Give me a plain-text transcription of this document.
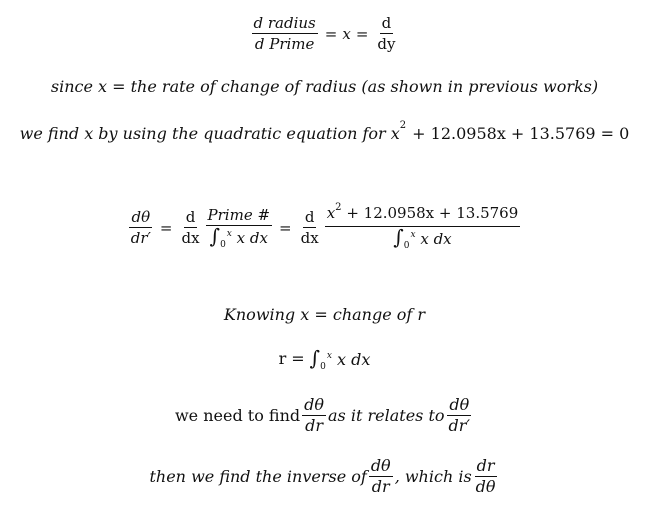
$\frac{\text{d radius}}{\text{d Prime}} = x = \frac{d}{dy}$
since x = the rate of change of radius (as shown in previous works)
we find x by using the quadratic equation for x 2 + 12.0958x + 13.5769 = 0
$\frac{d\theta}{dr'} = \frac{d}{dx} \frac{\text{Prime \#}}{\int_0^x x dx} = \frac{d}{dx} \frac{x^2 + 12.0958x + 13.5769}{\int_0^x x dx}$
Knowing x = change of r
$r = \int_0^x$ x dx
we need to find $\frac{d\theta}{dr}$ as it relates to $\frac{d\theta}{dr'}$
then we find the inverse of $\frac{d\theta}{dr}$ , which is $\frac{dr}{d\theta}$
